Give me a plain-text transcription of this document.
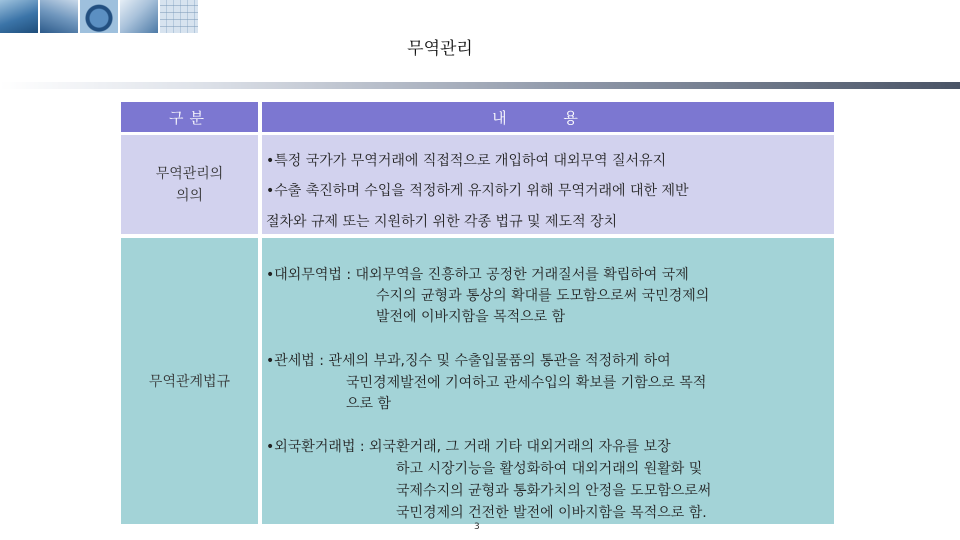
무역관리
구분	내 용
무역관리의
의의
•특정 국가가 무역거래에 직접적으로 개입하여 대외무역 질서유지
•수출 촉진하며 수입을 적정하게 유지하기 위해 무역거래에 대한 제반
절차와 규제 또는 지원하기 위한 각종 법규 및 제도적 장치
무역관계법규
•대외무역법 : 대외무역을 진흥하고 공정한 거래질서를 확립하여 국제
수지의 균형과 통상의 확대를 도모함으로써 국민경제의
발전에 이바지함을 목적으로 함
•관세법 : 관세의 부과,징수 및 수출입물품의 통관을 적정하게 하여
국민경제발전에 기여하고 관세수입의 확보를 기함으로 목적
으로 함
•외국환거래법 : 외국환거래, 그 거래 기타 대외거래의 자유를 보장
하고 시장기능을 활성화하여 대외거래의 원활화 및
국제수지의 균형과 통화가치의 안정을 도모함으로써
국민경제의 건전한 발전에 이바지함을 목적으로 함.
3
